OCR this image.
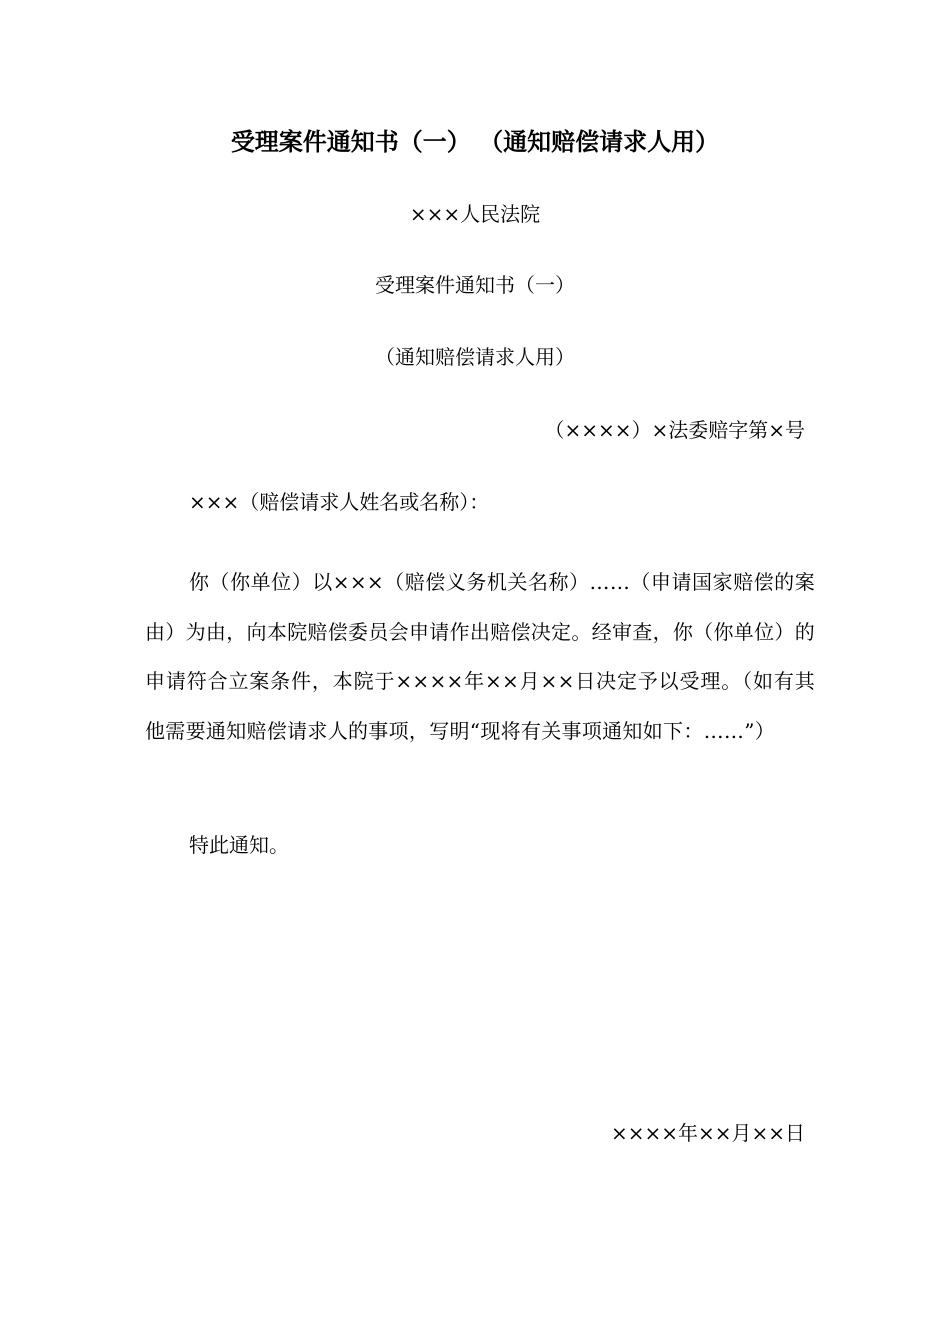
受理案件通知书（一） （通知赔偿请求人用）
×××人民法院
受理案件通知书（一）
（通知赔偿请求人用）
（××××）×法委赔字第×号
×××（赔偿请求人姓名或名称）：
你（你单位）以×××（赔偿义务机关名称）……（申请国家赔偿的案由）为由，向本院赔偿委员会申请作出赔偿决定。经审查，你（你单位）的申请符合立案条件，本院于××××年××月××日决定予以受理。（如有其他需要通知赔偿请求人的事项，写明“现将有关事项通知如下：……”）
特此通知。
××××年××月××日
